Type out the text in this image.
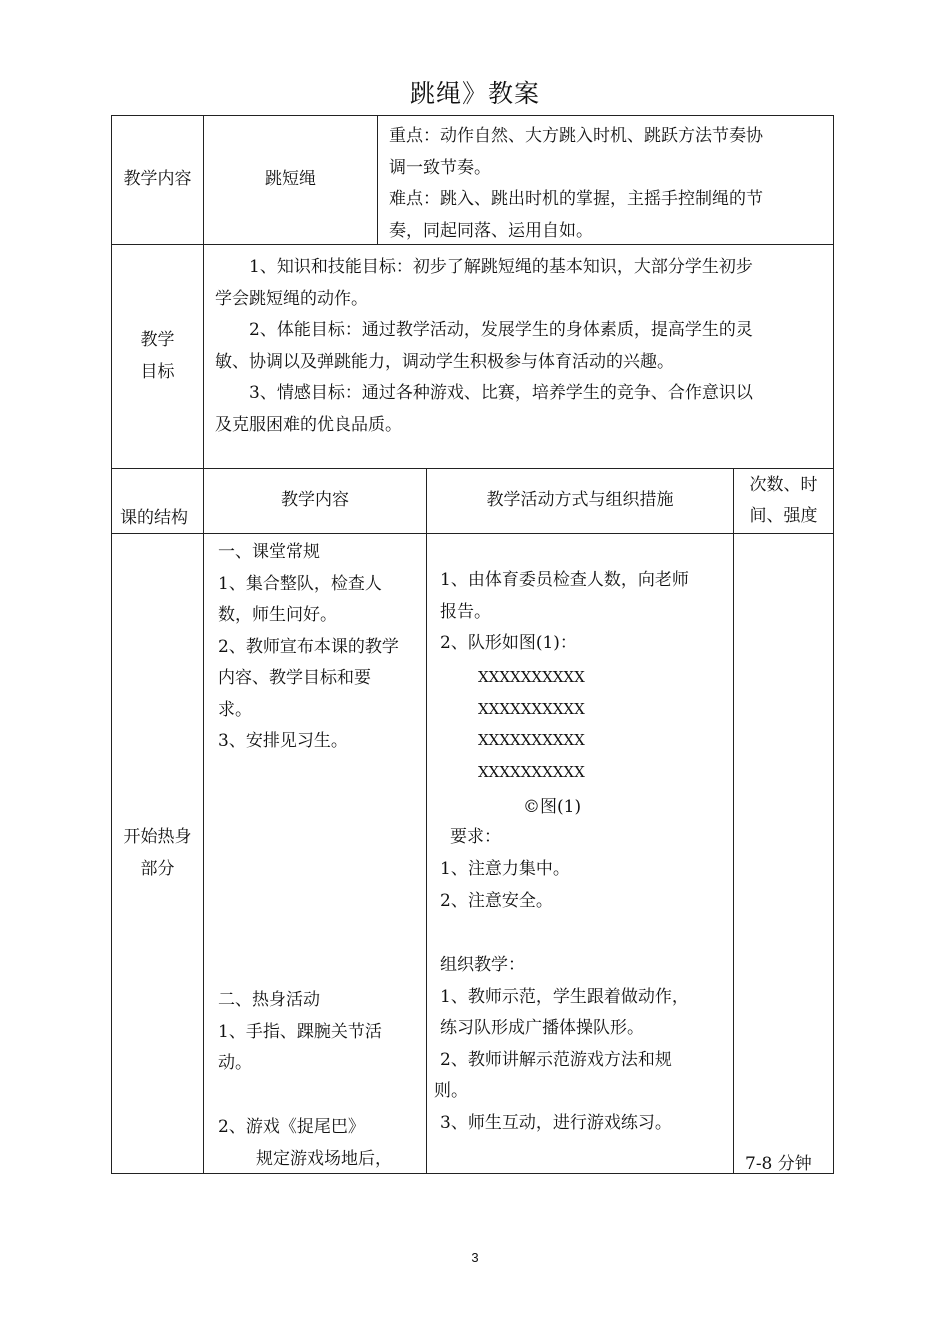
跳绳》教案
教学内容	跳短绳
重点：动作自然、大方跳入时机、跳跃方法节奏协
调一致节奏。
难点：跳入、跳出时机的掌握，主摇手控制绳的节
奏，同起同落、运用自如。
教学
目标
1、知识和技能目标：初步了解跳短绳的基本知识，大部分学生初步
学会跳短绳的动作。
2、体能目标：通过教学活动，发展学生的身体素质，提高学生的灵
敏、协调以及弹跳能力，调动学生积极参与体育活动的兴趣。
3、情感目标：通过各种游戏、比赛，培养学生的竞争、合作意识以
及克服困难的优良品质。
课的结构
教学内容	教学活动方式与组织措施
次数、时
间、强度
开始热身
部分
一、课堂常规
1、集合整队，检查人
数，师生问好。
2、教师宣布本课的教学
内容、教学目标和要
求。
3、安排见习生。
二、热身活动
1、手指、踝腕关节活
动。
2、游戏《捉尾巴》
规定游戏场地后，
1、由体育委员检查人数，向老师
报告。
2、队形如图(1)：
XXXXXXXXXX
XXXXXXXXXX
XXXXXXXXXX
XXXXXXXXXX
©图(1)
要求：
1、注意力集中。
2、注意安全。
组织教学：
1、教师示范，学生跟着做动作，
练习队形成广播体操队形。
2、教师讲解示范游戏方法和规
则。
3、师生互动，进行游戏练习。
7-8 分钟
3
